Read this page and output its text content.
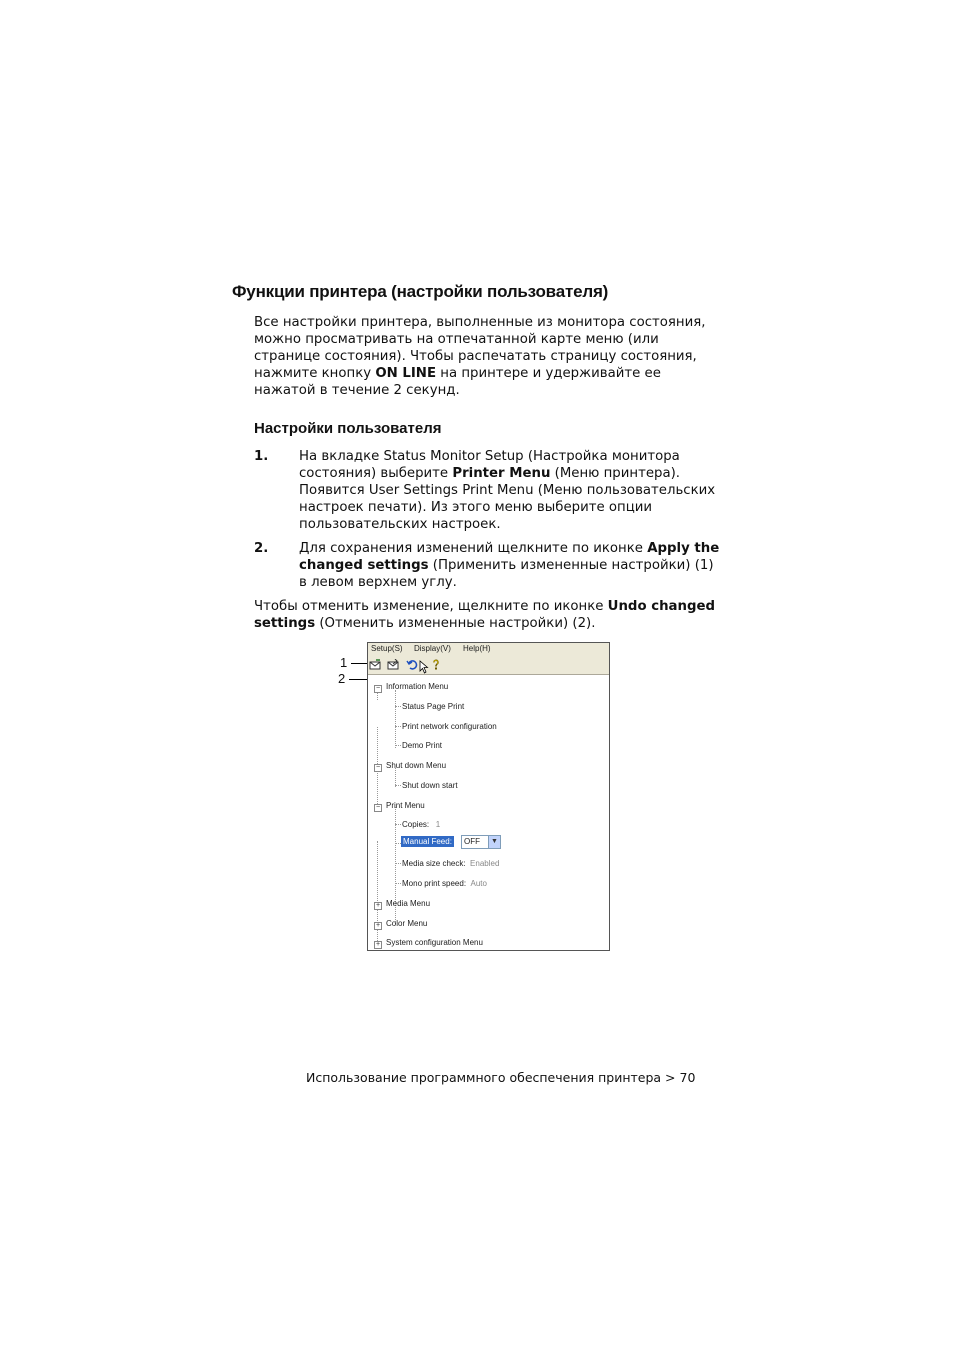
Функции принтера (настройки пользователя)
Все настройки принтера, выполненные из монитора состояния, можно просматривать на отпечатанной карте меню (или странице состояния). Чтобы распечатать страницу состояния, нажмите кнопку ON LINE на принтере и удерживайте ее нажатой в течение 2 секунд.
Настройки пользователя
1. На вкладке Status Monitor Setup (Настройка монитора состояния) выберите Printer Menu (Меню принтера). Появится User Settings Print Menu (Меню пользовательских настроек печати). Из этого меню выберите опции пользовательских настроек.
2. Для сохранения изменений щелкните по иконке Apply the changed settings (Применить измененные настройки) (1) в левом верхнем углу.
Чтобы отменить изменение, щелкните по иконке Undo changed settings (Отменить измененные настройки) (2).
1
2
Setup(S) Display(V) Help(H)
− Information Menu
Status Page Print
Print network configuration
Demo Print
− Shut down Menu
Shut down start
− Print Menu
Copies: 1
Manual Feed: OFF	▼
Media size check: Enabled
Mono print speed: Auto
+ Media Menu
+ Color Menu
+ System configuration Menu
Использование программного обеспечения принтера > 70
